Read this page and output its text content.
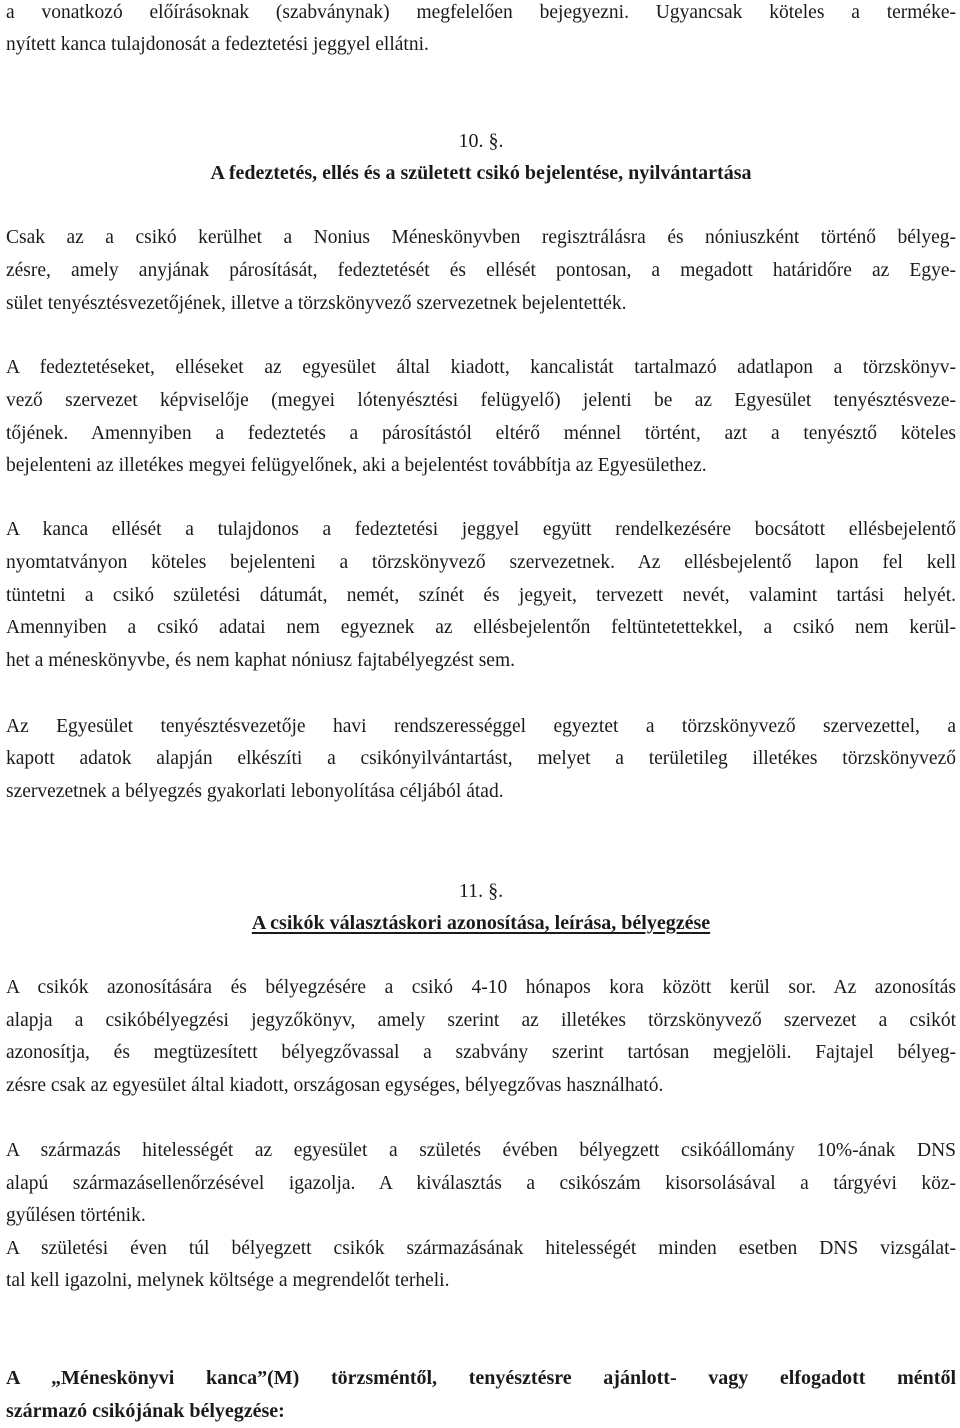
a vonatkozó előírásoknak (szabványnak) megfelelően bejegyezni. Ugyancsak köteles a terméke-
nyített kanca tulajdonosát a fedeztetési jeggyel ellátni.
10. §.
A fedeztetés, ellés és a született csikó bejelentése, nyilvántartása
Csak az a csikó kerülhet a Nonius Méneskönyvben regisztrálásra és nóniuszként történő bélyeg-
zésre, amely anyjának párosítását, fedeztetését és ellését pontosan, a megadott határidőre az Egye-
sület tenyésztésvezetőjének, illetve a törzskönyvező szervezetnek bejelentették.
A fedeztetéseket, elléseket az egyesület által kiadott, kancalistát tartalmazó adatlapon a törzskönyv-
vező szervezet képviselője (megyei lótenyésztési felügyelő) jelenti be az Egyesület tenyésztésveze-
tőjének. Amennyiben a fedeztetés a párosítástól eltérő ménnel történt, azt a tenyésztő köteles
bejelenteni az illetékes megyei felügyelőnek, aki a bejelentést továbbítja az Egyesülethez.
A kanca ellését a tulajdonos a fedeztetési jeggyel együtt rendelkezésére bocsátott ellésbejelentő
nyomtatványon köteles bejelenteni a törzskönyvező szervezetnek. Az ellésbejelentő lapon fel kell
tüntetni a csikó születési dátumát, nemét, színét és jegyeit, tervezett nevét, valamint tartási helyét.
Amennyiben a csikó adatai nem egyeznek az ellésbejelentőn feltüntetettekkel, a csikó nem kerül-
het a méneskönyvbe, és nem kaphat nóniusz fajtabélyegzést sem.
Az Egyesület tenyésztésvezetője havi rendszerességgel egyeztet a törzskönyvező szervezettel, a
kapott adatok alapján elkészíti a csikónyilvántartást, melyet a területileg illetékes törzskönyvező
szervezetnek a bélyegzés gyakorlati lebonyolítása céljából átad.
11. §.
A csikók választáskori azonosítása, leírása, bélyegzése
A csikók azonosítására és bélyegzésére a csikó 4-10 hónapos kora között kerül sor. Az azonosítás
alapja a csikóbélyegzési jegyzőkönyv, amely szerint az illetékes törzskönyvező szervezet a csikót
azonosítja, és megtüzesített bélyegzővassal a szabvány szerint tartósan megjelöli. Fajtajel bélyeg-
zésre csak az egyesület által kiadott, országosan egységes, bélyegzővas használható.
A származás hitelességét az egyesület a születés évében bélyegzett csikóállomány 10%-ának DNS
alapú származásellenőrzésével igazolja. A kiválasztás a csikószám kisorsolásával a tárgyévi köz-
gyűlésen történik.
A születési éven túl bélyegzett csikók származásának hitelességét minden esetben DNS vizsgálat-
tal kell igazolni, melynek költsége a megrendelőt terheli.
A „Méneskönyvi kanca”(M) törzsméntől, tenyésztésre ajánlott- vagy elfogadott méntől
származó csikójának bélyegzése:
